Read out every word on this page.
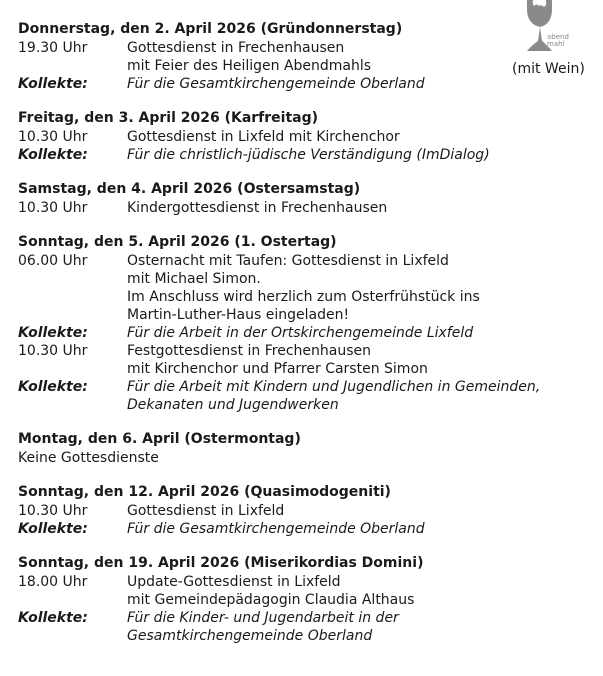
abend
mahl
(mit Wein)
Donnerstag, den 2. April 2026 (Gründonnerstag)
19.30 Uhr	Gottesdienst in Frechenhausen
mit Feier des Heiligen Abendmahls
Kollekte:	Für die Gesamtkirchengemeinde Oberland
Freitag, den 3. April 2026 (Karfreitag)
10.30 Uhr	Gottesdienst in Lixfeld mit Kirchenchor
Kollekte:	Für die christlich-jüdische Verständigung (ImDialog)
Samstag, den 4. April 2026 (Ostersamstag)
10.30 Uhr	Kindergottesdienst in Frechenhausen
Sonntag, den 5. April 2026 (1. Ostertag)
06.00 Uhr	Osternacht mit Taufen: Gottesdienst in Lixfeld
mit Michael Simon.
Im Anschluss wird herzlich zum Osterfrühstück ins
Martin-Luther-Haus eingeladen!
Kollekte:	Für die Arbeit in der Ortskirchengemeinde Lixfeld
10.30 Uhr	Festgottesdienst in Frechenhausen
mit Kirchenchor und Pfarrer Carsten Simon
Kollekte:	Für die Arbeit mit Kindern und Jugendlichen in Gemeinden,
Dekanaten und Jugendwerken
Montag, den 6. April (Ostermontag)
Keine Gottesdienste
Sonntag, den 12. April 2026 (Quasimodogeniti)
10.30 Uhr	Gottesdienst in Lixfeld
Kollekte:	Für die Gesamtkirchengemeinde Oberland
Sonntag, den 19. April 2026 (Miserikordias Domini)
18.00 Uhr	Update-Gottesdienst in Lixfeld
mit Gemeindepädagogin Claudia Althaus
Kollekte:	Für die Kinder- und Jugendarbeit in der
Gesamtkirchengemeinde Oberland
